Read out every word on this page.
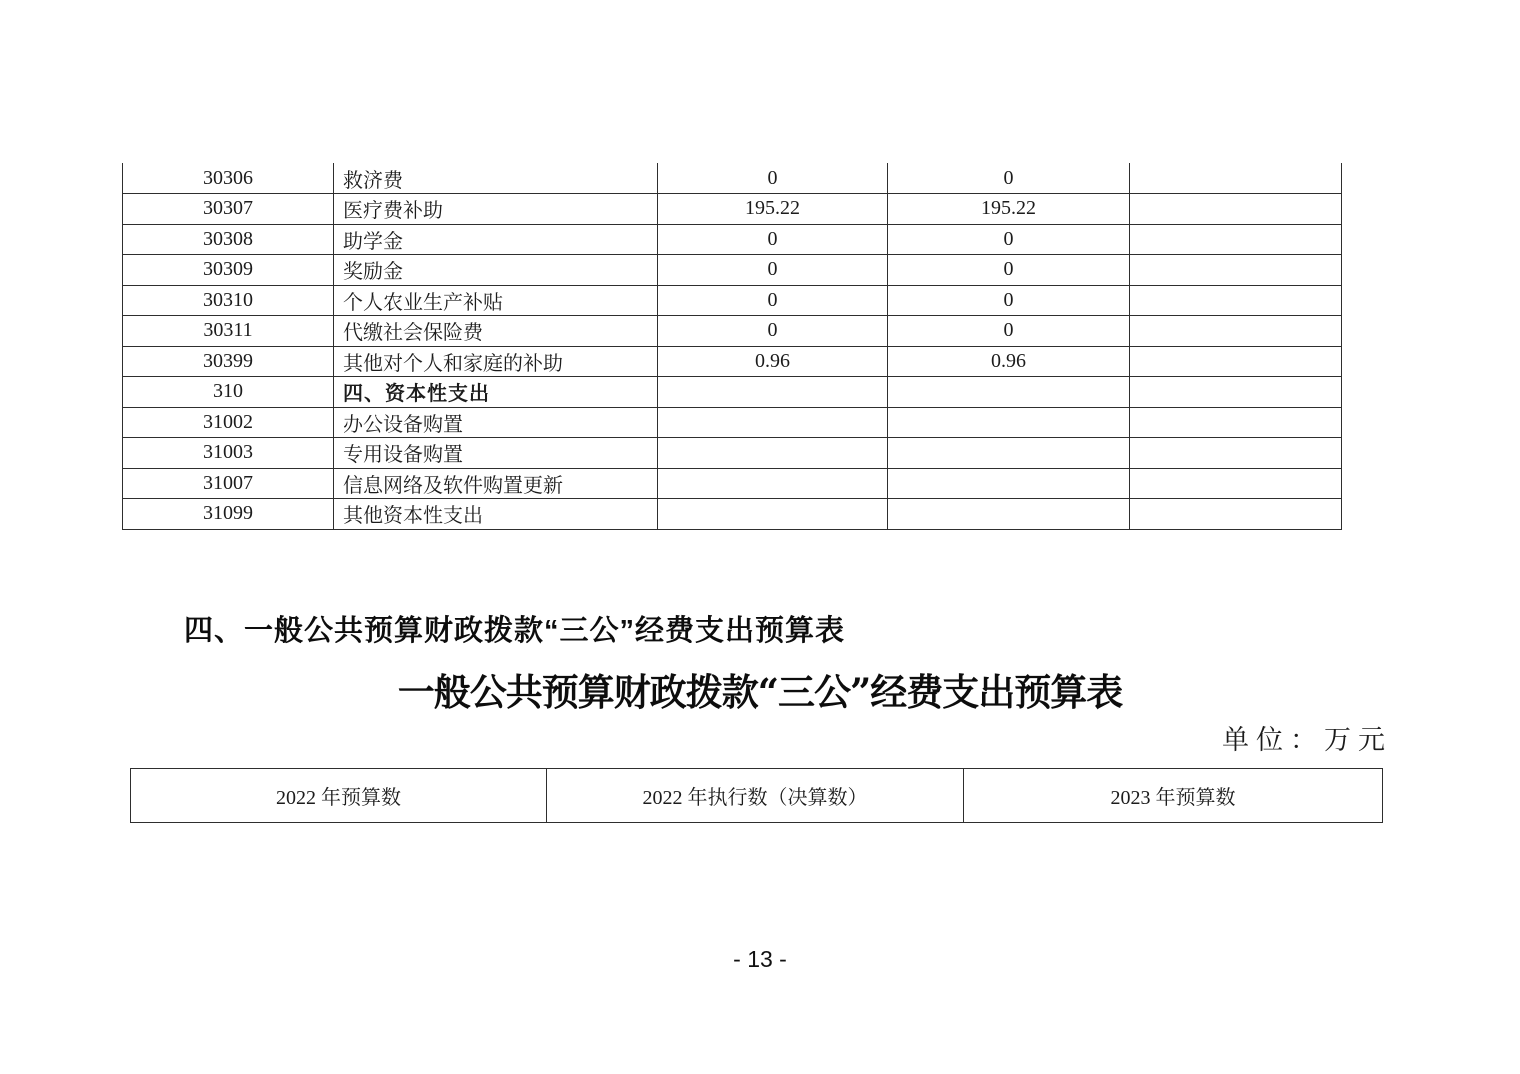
30306	救济费	0	0	
30307	医疗费补助	195.22	195.22	
30308	助学金	0	0	
30309	奖励金	0	0	
30310	个人农业生产补贴	0	0	
30311	代缴社会保险费	0	0	
30399	其他对个人和家庭的补助	0.96	0.96	
310	四、资本性支出			
31002	办公设备购置			
31003	专用设备购置			
31007	信息网络及软件购置更新			
31099	其他资本性支出			
四、一般公共预算财政拨款“三公”经费支出预算表
一般公共预算财政拨款“三公”经费支出预算表
单位：万元
2022 年预算数	2022 年执行数（决算数）	2023 年预算数
- 13 -
